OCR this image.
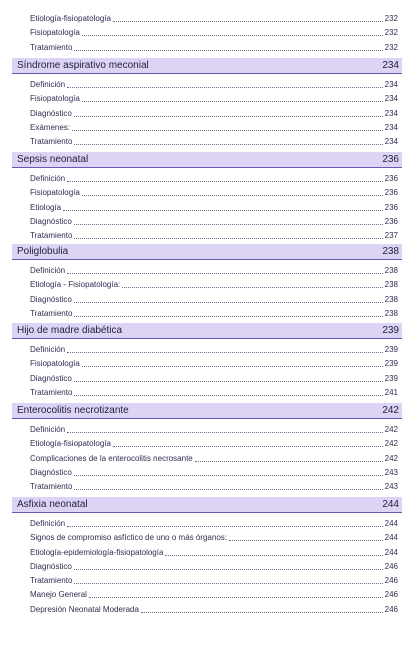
Etiología-fisiopatología	232
Fisiopatología	232
Tratamiento	232
Síndrome aspirativo meconial	234
Definición	234
Fisiopatología	234
Diagnóstico	234
Exámenes:	234
Tratamiento	234
Sepsis neonatal	236
Definición	236
Fisiopatología	236
Etiología	236
Diagnóstico	236
Tratamiento	237
Poliglobulia	238
Definición	238
Etiología - Fisiopatología:	238
Diagnóstico	238
Tratamiento	238
Hijo de madre diabética	239
Definición	239
Fisiopatología	239
Diagnóstico	239
Tratamiento	241
Enterocolitis necrotizante	242
Definición	242
Etiología-fisiopatología	242
Complicaciones de la enterocolitis necrosante	242
Diagnóstico	243
Tratamiento	243
Asfixia neonatal	244
Definición	244
Signos de compromiso asfíctico de uno o más órganos:	244
Etiología-epidemiología-fisiopatología	244
Diagnóstico	246
Tratamiento	246
Manejo General	246
Depresión Neonatal Moderada	246
